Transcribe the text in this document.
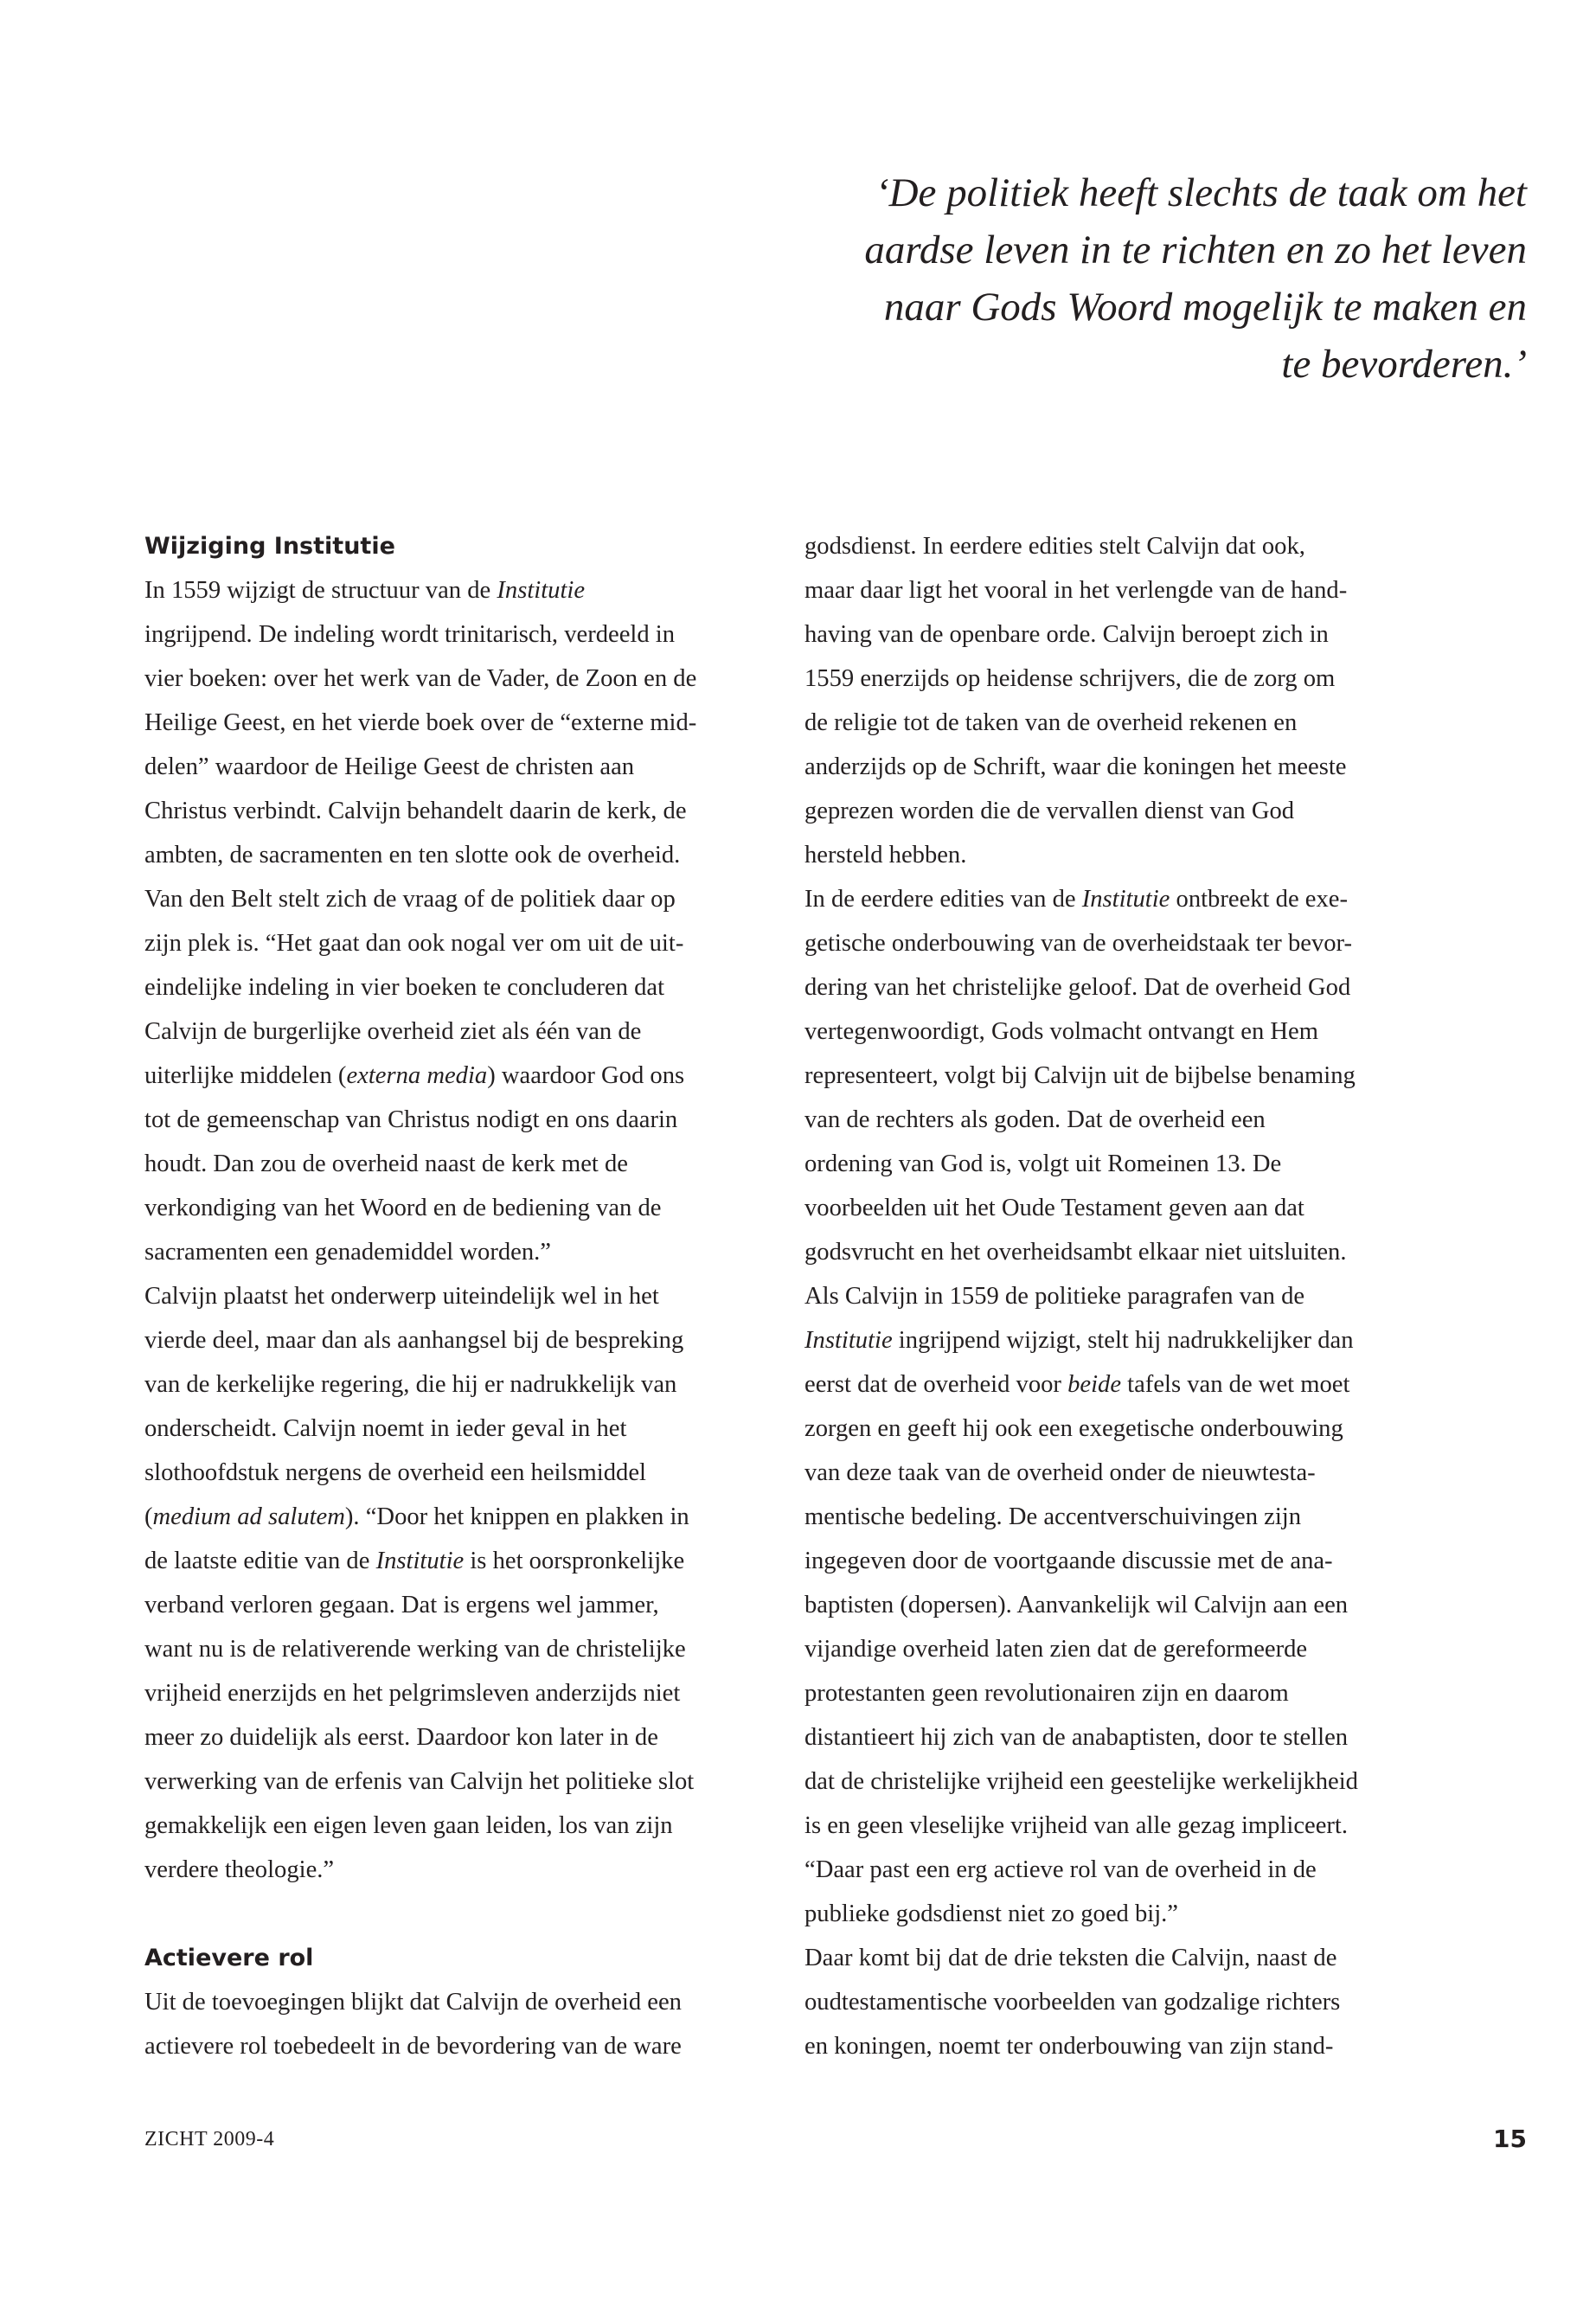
‘De politiek heeft slechts de taak om het
aardse leven in te richten en zo het leven
naar Gods Woord mogelijk te maken en
te bevorderen.’
Wijziging Institutie

In 1559 wijzigt de structuur van de Institutie

ingrijpend. De indeling wordt trinitarisch, verdeeld in

vier boeken: over het werk van de Vader, de Zoon en de

Heilige Geest, en het vierde boek over de “externe mid-

delen” waardoor de Heilige Geest de christen aan

Christus verbindt. Calvijn behandelt daarin de kerk, de

ambten, de sacramenten en ten slotte ook de overheid.

Van den Belt stelt zich de vraag of de politiek daar op

zijn plek is. “Het gaat dan ook nogal ver om uit de uit-

eindelijke indeling in vier boeken te concluderen dat

Calvijn de burgerlijke overheid ziet als één van de

uiterlijke middelen (externa media) waardoor God ons

tot de gemeenschap van Christus nodigt en ons daarin

houdt. Dan zou de overheid naast de kerk met de

verkondiging van het Woord en de bediening van de

sacramenten een genademiddel worden.”

Calvijn plaatst het onderwerp uiteindelijk wel in het

vierde deel, maar dan als aanhangsel bij de bespreking

van de kerkelijke regering, die hij er nadrukkelijk van

onderscheidt. Calvijn noemt in ieder geval in het

slothoofdstuk nergens de overheid een heilsmiddel

(medium ad salutem). “Door het knippen en plakken in

de laatste editie van de Institutie is het oorspronkelijke

verband verloren gegaan. Dat is ergens wel jammer,

want nu is de relativerende werking van de christelijke

vrijheid enerzijds en het pelgrimsleven anderzijds niet

meer zo duidelijk als eerst. Daardoor kon later in de

verwerking van de erfenis van Calvijn het politieke slot

gemakkelijk een eigen leven gaan leiden, los van zijn

verdere theologie.”

Actievere rol

Uit de toevoegingen blijkt dat Calvijn de overheid een

actievere rol toebedeelt in de bevordering van de ware

godsdienst. In eerdere edities stelt Calvijn dat ook,

maar daar ligt het vooral in het verlengde van de hand-

having van de openbare orde. Calvijn beroept zich in

1559 enerzijds op heidense schrijvers, die de zorg om

de religie tot de taken van de overheid rekenen en

anderzijds op de Schrift, waar die koningen het meeste

geprezen worden die de vervallen dienst van God

hersteld hebben.

In de eerdere edities van de Institutie ontbreekt de exe-

getische onderbouwing van de overheidstaak ter bevor-

dering van het christelijke geloof. Dat de overheid God

vertegenwoordigt, Gods volmacht ontvangt en Hem

representeert, volgt bij Calvijn uit de bijbelse benaming

van de rechters als goden. Dat de overheid een

ordening van God is, volgt uit Romeinen 13. De

voorbeelden uit het Oude Testament geven aan dat

godsvrucht en het overheidsambt elkaar niet uitsluiten.

Als Calvijn in 1559 de politieke paragrafen van de

Institutie ingrijpend wijzigt, stelt hij nadrukkelijker dan

eerst dat de overheid voor beide tafels van de wet moet

zorgen en geeft hij ook een exegetische onderbouwing

van deze taak van de overheid onder de nieuwtesta-

mentische bedeling. De accentverschuivingen zijn

ingegeven door de voortgaande discussie met de ana-

baptisten (dopersen). Aanvankelijk wil Calvijn aan een

vijandige overheid laten zien dat de gereformeerde

protestanten geen revolutionairen zijn en daarom

distantieert hij zich van de anabaptisten, door te stellen

dat de christelijke vrijheid een geestelijke werkelijkheid

is en geen vleselijke vrijheid van alle gezag impliceert.

“Daar past een erg actieve rol van de overheid in de

publieke godsdienst niet zo goed bij.”

Daar komt bij dat de drie teksten die Calvijn, naast de

oudtestamentische voorbeelden van godzalige richters

en koningen, noemt ter onderbouwing van zijn stand-

ZICHT 2009-4	15
